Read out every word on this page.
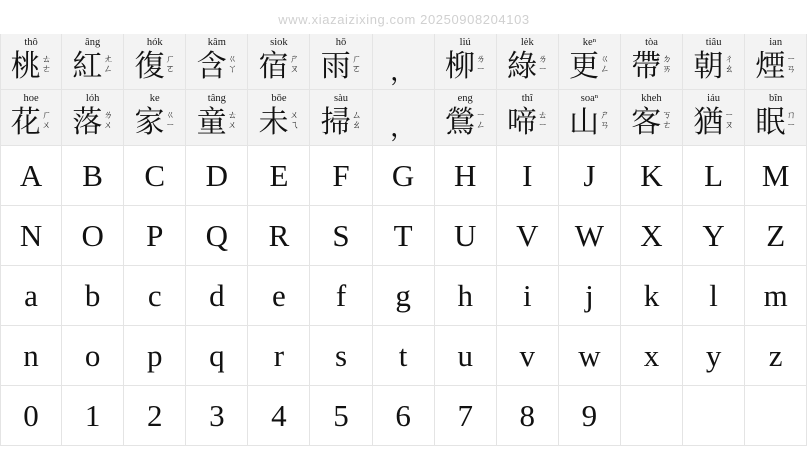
www.xiazaizixing.com 20250908204103
thô
桃 ㄊ
ㄜ
âng
紅 ㄤ
ㄥ
hók
復 ㄏ
ㄛ
kâm
含 ㄍ
ㄚ
siok
宿 ㄕ
ㄡ
hō
雨 ㄏ
ㄛ ，
liú
柳 ㄌ
ㄧ
lėk
綠 ㄌ
ㄧ
keⁿ
更 ㄍ
ㄥ
tòa
帶 ㄉ
ㄞ
tiâu
朝 ㄔ
ㄠ
ian
煙 ㄧ
ㄢ
hoe
花 ㄏ
ㄨ
lóh
落 ㄌ
ㄨ
ke
家 ㄍ
ㄧ
tâng
童 ㄊ
ㄨ
bōe
未 ㄨ
ㄟ
sàu
掃 ㄙ
ㄠ ，
eng
鶯 ㄧ
ㄥ
thî
啼 ㄊ
ㄧ
soaⁿ
山 ㄕ
ㄢ
kheh
客 ㄎ
ㄜ
iáu
猶 ㄧ
ㄡ
bîn
眠 ㄇ
ㄧ
A B C D E F G H I J K L M
N O P Q R S T U V W X Y Z
a b c d e f g h i j k l m
n o p q r s t u v w x y z
0 1 2 3 4 5 6 7 8 9
